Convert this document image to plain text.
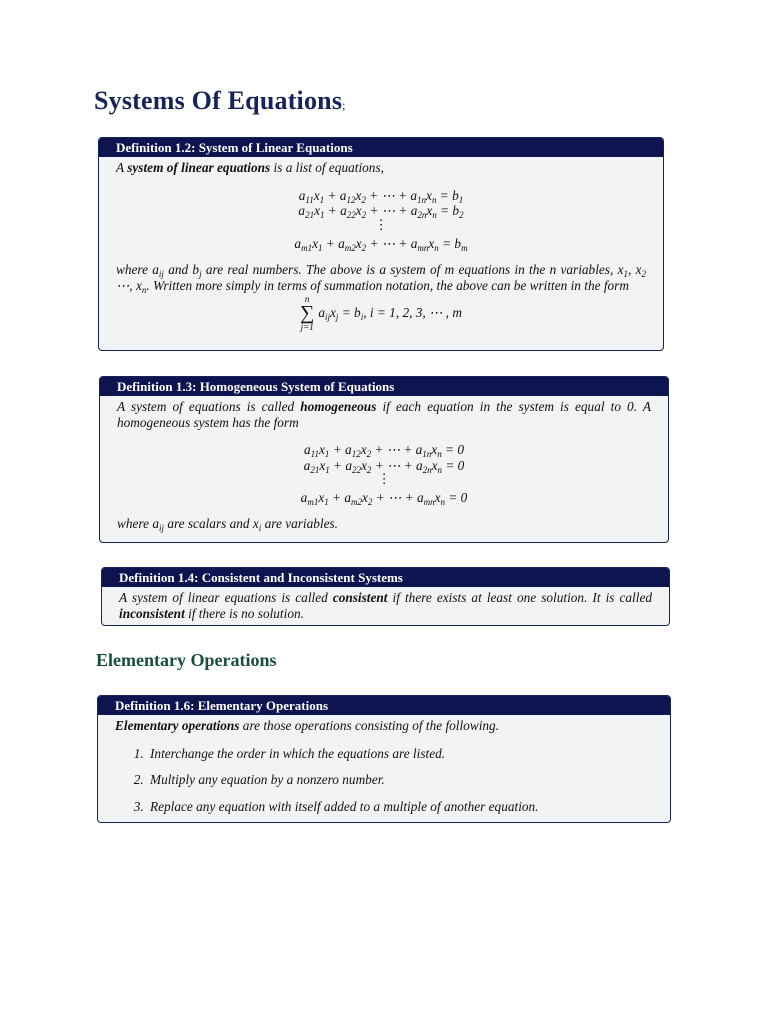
Systems Of Equations;
Definition 1.2: System of Linear Equations
A system of linear equations is a list of equations,
$a_{11}x_1 + a_{12}x_2$ + ⋯ + $a_{1n}x_n = b_1$
$a_{21}x_1 + a_{22}x_2$ + ⋯ + $a_{2n}x_n = b_2$
⋮
$a_{m1}x_1 + a_{m2}x_2$ + ⋯ + $a_{mn}x_n = b_m$
where $a_{ij}$ and $b_j$ are real numbers. The above is a system of m equations in the n variables, $x_1$, $x_2$ ⋯, $x_n$. Written more simply in terms of summation notation, the above can be written in the form
n
∑
j=1
$a_{ij}x_j = b_i$, i = 1, 2, 3, ⋯ , m
Definition 1.3: Homogeneous System of Equations
A system of equations is called homogeneous if each equation in the system is equal to 0. A homogeneous system has the form
$a_{11}x_1 + a_{12}x_2$ + ⋯ + $a_{1n}x_n = 0$
$a_{21}x_1 + a_{22}x_2$ + ⋯ + $a_{2n}x_n = 0$
⋮
$a_{m1}x_1 + a_{m2}x_2$ + ⋯ + $a_{mn}x_n = 0$
where $a_{ij}$ are scalars and $x_i$ are variables.
Definition 1.4: Consistent and Inconsistent Systems
A system of linear equations is called consistent if there exists at least one solution. It is called inconsistent if there is no solution.
Elementary Operations
Definition 1.6: Elementary Operations
Elementary operations are those operations consisting of the following.
1. Interchange the order in which the equations are listed.
2. Multiply any equation by a nonzero number.
3. Replace any equation with itself added to a multiple of another equation.
